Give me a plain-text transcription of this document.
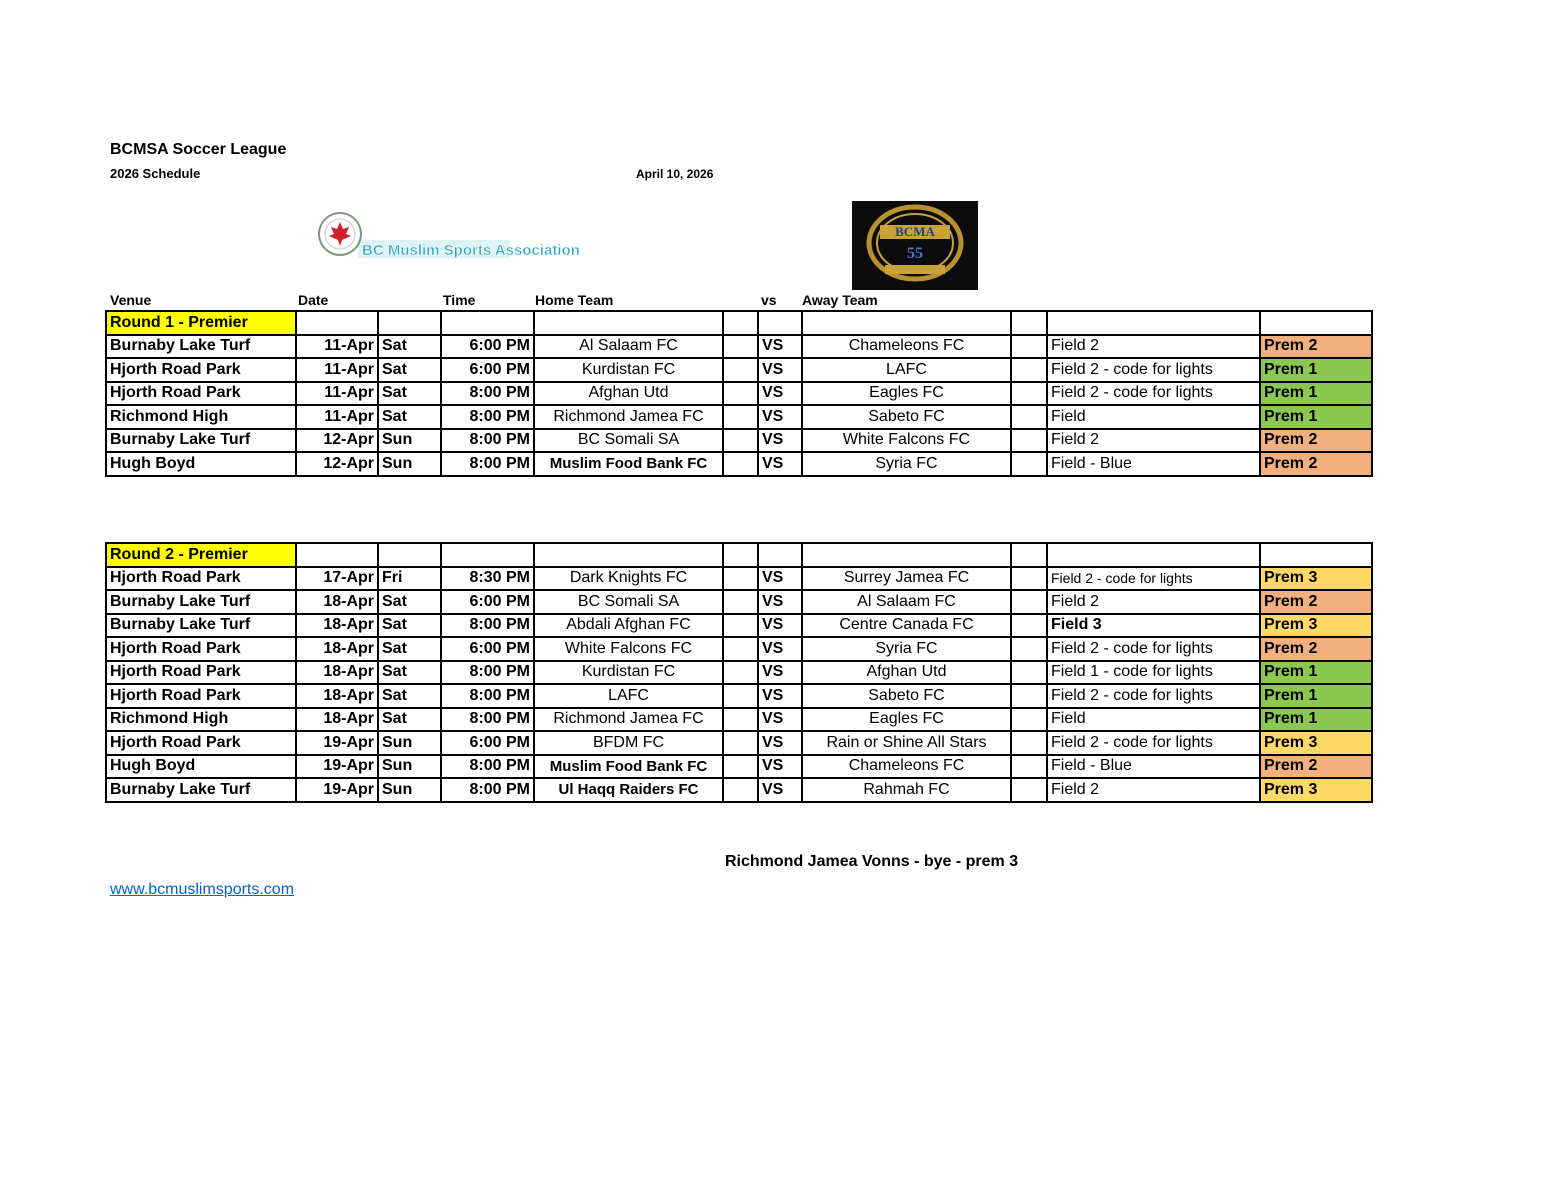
BCMSA Soccer League
2026 Schedule	April 10, 2026
BC Muslim Sports Association
BCMA
55
Venue	Date	Time	Home Team	vs Away Team
Round 1 - Premier										
Burnaby Lake Turf	11-Apr	Sat	6:00 PM	Al Salaam FC		VS	Chameleons FC		Field 2	Prem 2
Hjorth Road Park	11-Apr	Sat	6:00 PM	Kurdistan FC		VS	LAFC		Field 2 - code for lights	Prem 1
Hjorth Road Park	11-Apr	Sat	8:00 PM	Afghan Utd		VS	Eagles FC		Field 2 - code for lights	Prem 1
Richmond High	11-Apr	Sat	8:00 PM	Richmond Jamea FC		VS	Sabeto FC		Field	Prem 1
Burnaby Lake Turf	12-Apr	Sun	8:00 PM	BC Somali SA		VS	White Falcons FC		Field 2	Prem 2
Hugh Boyd	12-Apr	Sun	8:00 PM	Muslim Food Bank FC		VS	Syria FC		Field - Blue	Prem 2
Round 2 - Premier										
Hjorth Road Park	17-Apr	Fri	8:30 PM	Dark Knights FC		VS	Surrey Jamea FC		Field 2 - code for lights	Prem 3
Burnaby Lake Turf	18-Apr	Sat	6:00 PM	BC Somali SA		VS	Al Salaam FC		Field 2	Prem 2
Burnaby Lake Turf	18-Apr	Sat	8:00 PM	Abdali Afghan FC		VS	Centre Canada FC		Field 3	Prem 3
Hjorth Road Park	18-Apr	Sat	6:00 PM	White Falcons FC		VS	Syria FC		Field 2 - code for lights	Prem 2
Hjorth Road Park	18-Apr	Sat	8:00 PM	Kurdistan FC		VS	Afghan Utd		Field 1 - code for lights	Prem 1
Hjorth Road Park	18-Apr	Sat	8:00 PM	LAFC		VS	Sabeto FC		Field 2 - code for lights	Prem 1
Richmond High	18-Apr	Sat	8:00 PM	Richmond Jamea FC		VS	Eagles FC		Field	Prem 1
Hjorth Road Park	19-Apr	Sun	6:00 PM	BFDM FC		VS	Rain or Shine All Stars		Field 2 - code for lights	Prem 3
Hugh Boyd	19-Apr	Sun	8:00 PM	Muslim Food Bank FC		VS	Chameleons FC		Field - Blue	Prem 2
Burnaby Lake Turf	19-Apr	Sun	8:00 PM	Ul Haqq Raiders FC		VS	Rahmah FC		Field 2	Prem 3
Richmond Jamea Vonns - bye - prem 3
www.bcmuslimsports.com
